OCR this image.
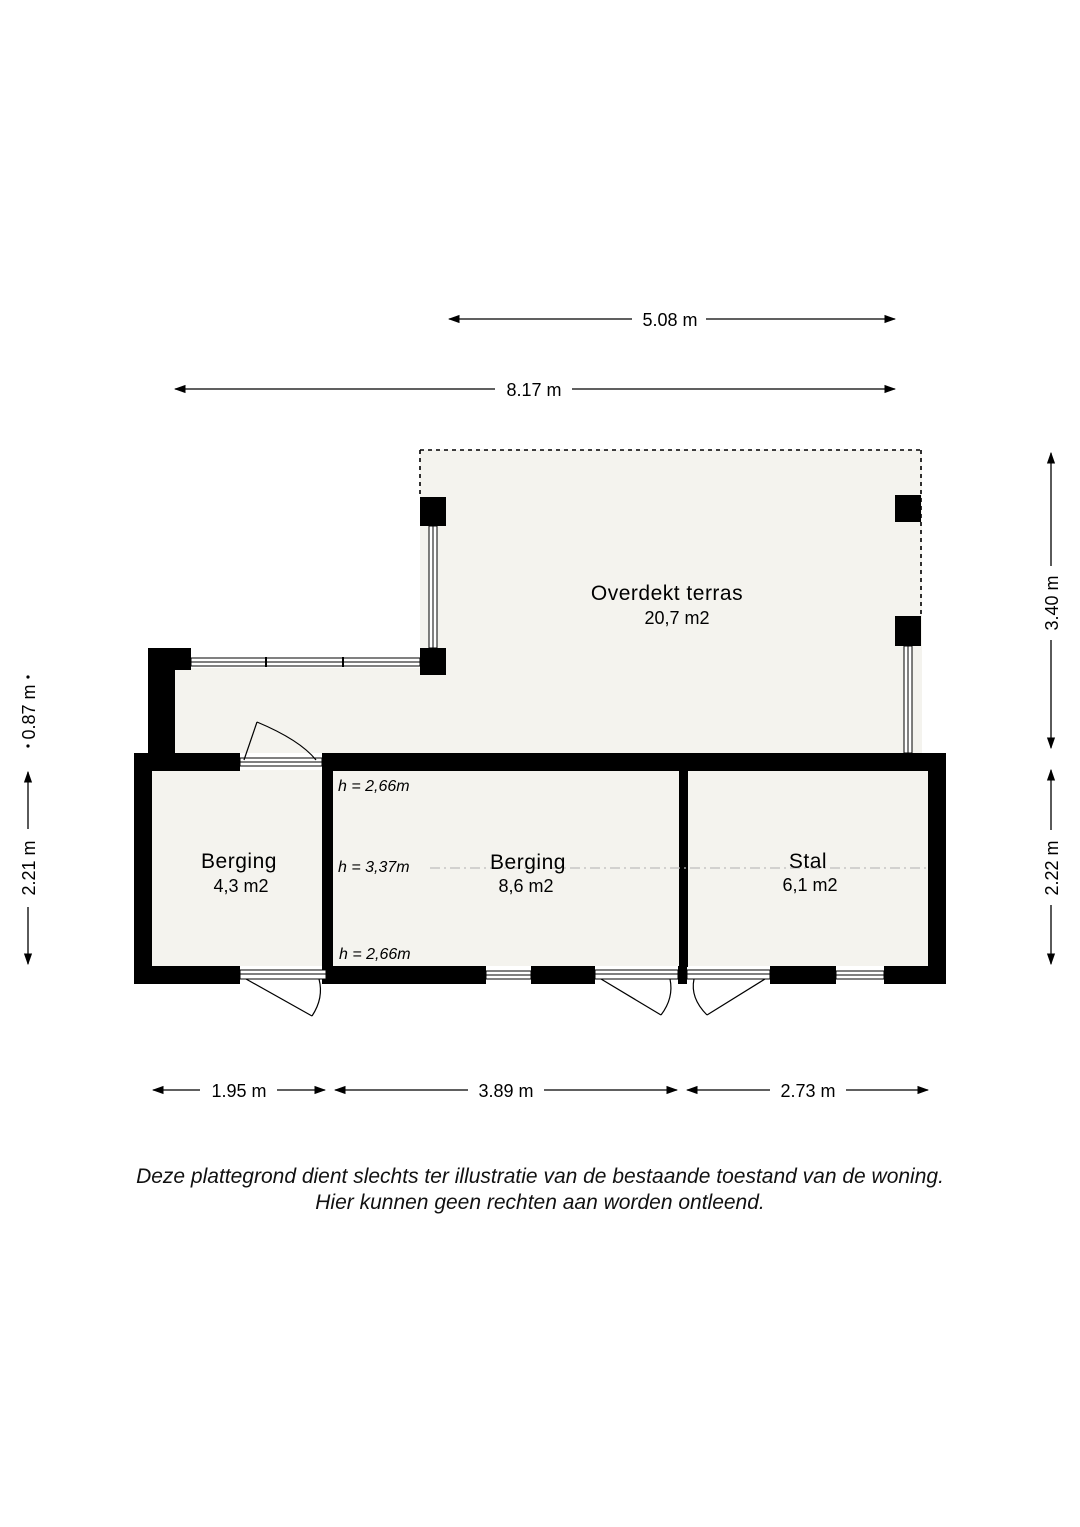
Overdekt terras
20,7 m2
Berging
4,3 m2
Berging
8,6 m2
Stal
6,1 m2
h = 2,66m
h = 3,37m
h = 2,66m
5.08 m
8.17 m
3.40 m
2.22 m
0.87 m
2.21 m
1.95 m	3.89 m	2.73 m
Deze plattegrond dient slechts ter illustratie van de bestaande toestand van de woning.
Hier kunnen geen rechten aan worden ontleend.
